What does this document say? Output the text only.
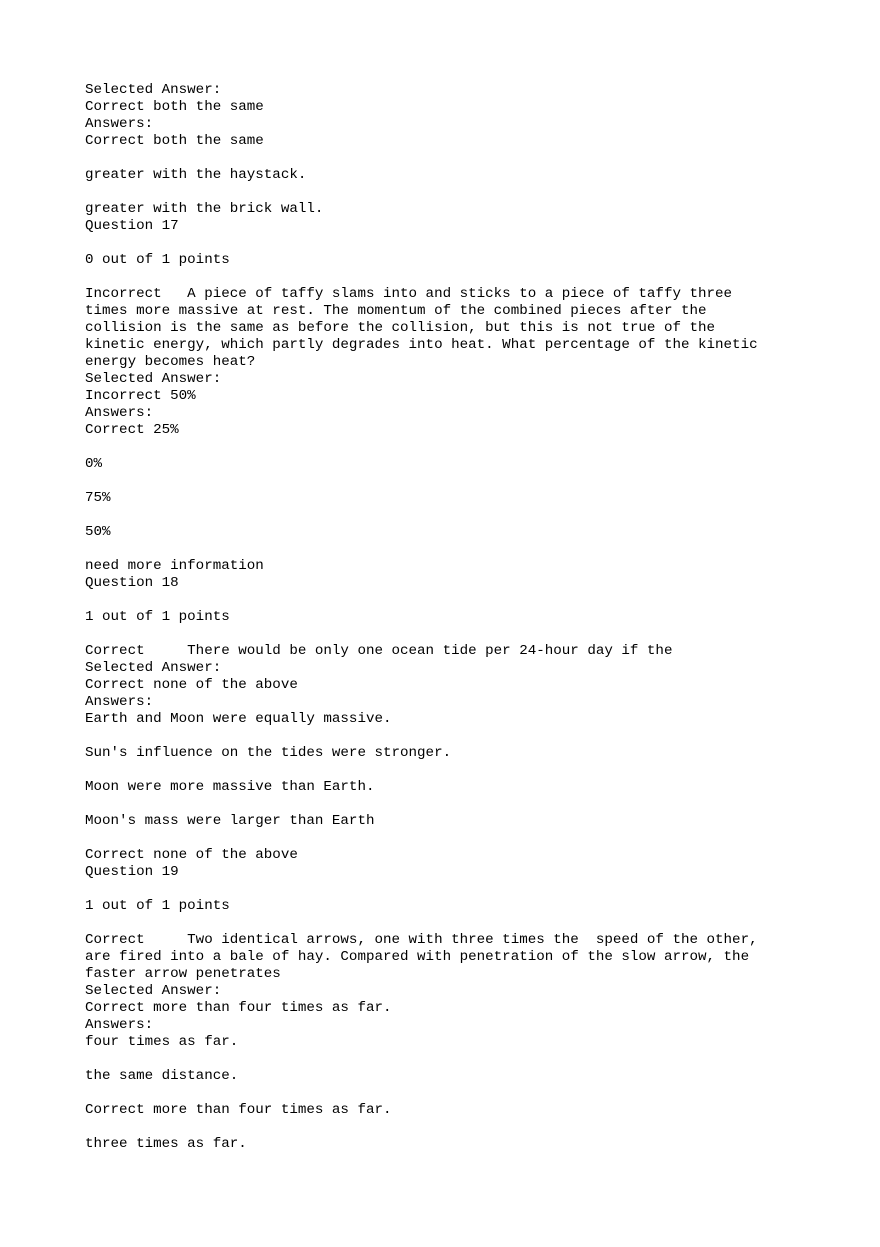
Selected Answer:
Correct both the same
Answers:
Correct both the same
greater with the haystack.
greater with the brick wall.
Question 17
0 out of 1 points
Incorrect   A piece of taffy slams into and sticks to a piece of taffy three
times more massive at rest. The momentum of the combined pieces after the
collision is the same as before the collision, but this is not true of the
kinetic energy, which partly degrades into heat. What percentage of the kinetic
energy becomes heat?
Selected Answer:
Incorrect 50%
Answers:
Correct 25%
0%
75%
50%
need more information
Question 18
1 out of 1 points
Correct     There would be only one ocean tide per 24-hour day if the
Selected Answer:
Correct none of the above
Answers:
Earth and Moon were equally massive.
Sun's influence on the tides were stronger.
Moon were more massive than Earth.
Moon's mass were larger than Earth
Correct none of the above
Question 19
1 out of 1 points
Correct     Two identical arrows, one with three times the  speed of the other,
are fired into a bale of hay. Compared with penetration of the slow arrow, the
faster arrow penetrates
Selected Answer:
Correct more than four times as far.
Answers:
four times as far.
the same distance.
Correct more than four times as far.
three times as far.
